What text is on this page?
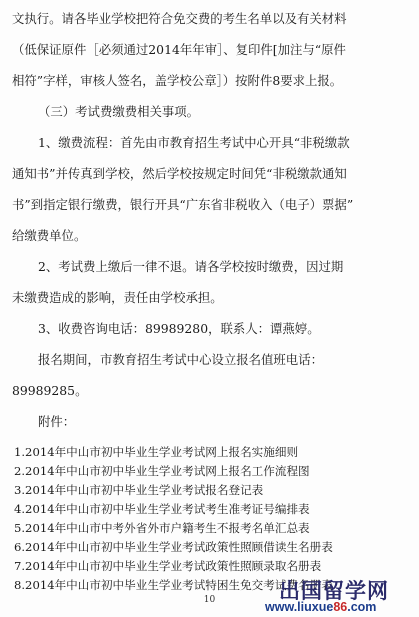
文执行。请各毕业学校把符合免交费的考生名单以及有关材料
（低保证原件［必须通过2014年年审］、复印件[加注与“原件
相符”字样，审核人签名，盖学校公章］）按附件8要求上报。
（三）考试费缴费相关事项。
1、缴费流程：首先由市教育招生考试中心开具“非税缴款
通知书”并传真到学校，然后学校按规定时间凭“非税缴款通知
书”到指定银行缴费，银行开具“广东省非税收入（电子）票据”
给缴费单位。
2、考试费上缴后一律不退。请各学校按时缴费，因过期
未缴费造成的影响，责任由学校承担。
3、收费咨询电话：89989280，联系人：谭燕婷。
报名期间，市教育招生考试中心设立报名值班电话：
89989285。
附件：
1.2014年中山市初中毕业生学业考试网上报名实施细则
2.2014年中山市初中毕业生学业考试网上报名工作流程图
3.2014年中山市初中毕业生学业考试报名登记表
4.2014年中山市初中毕业生学业考试考生准考证号编排表
5.2014年中山市中考外省外市户籍考生不报考名单汇总表
6.2014年中山市初中毕业生学业考试政策性照顾借读生名册表
7.2014年中山市初中毕业生学业考试政策性照顾录取名册表
8.2014年中山市初中毕业生学业考试特困生免交考试费名册表
10	出国留学网
www.liuxue86.com
